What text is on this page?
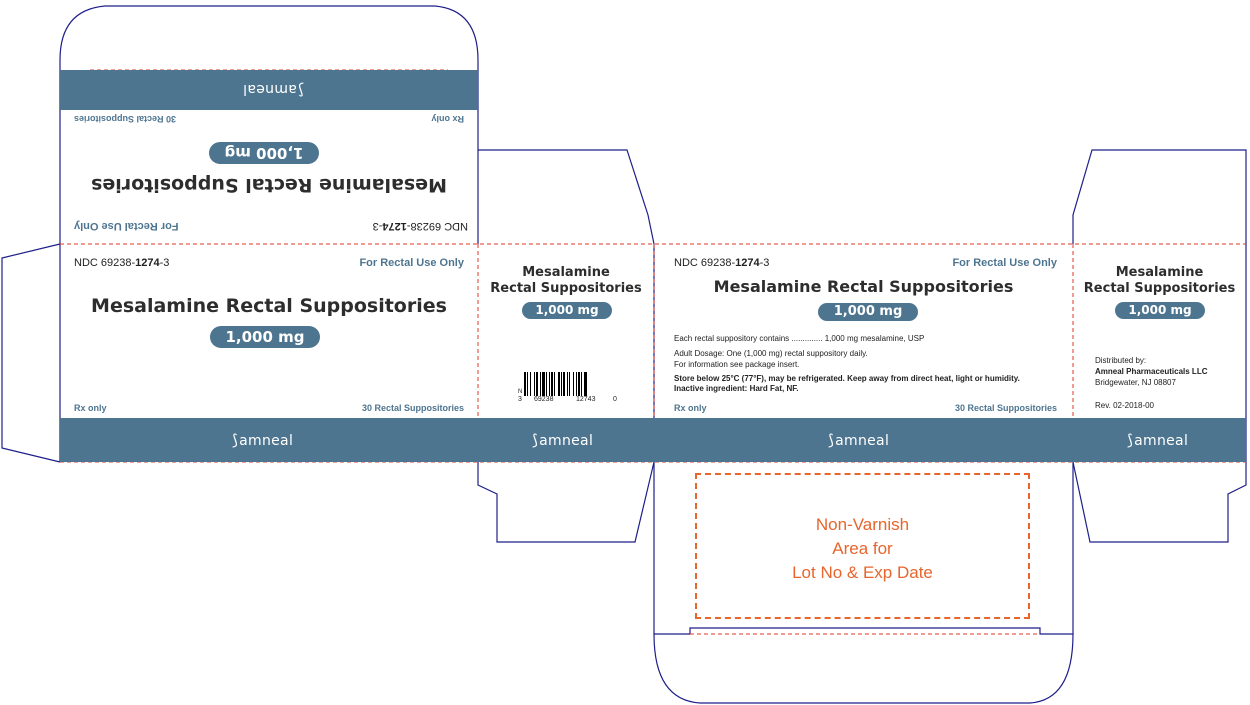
NDC 69238-1274-3
For Rectal Use Only
Mesalamine Rectal Suppositories
1,000 mg
Rx only
30 Rectal Suppositories
⟆amneal
NDC 69238-1274-3	For Rectal Use Only
Mesalamine Rectal Suppositories
1,000 mg
Rx only	30 Rectal Suppositories
⟆amneal
Mesalamine
Rectal Suppositories
1,000 mg
N
3 69238	12743	0
⟆amneal
NDC 69238-1274-3	For Rectal Use Only
Mesalamine Rectal Suppositories
1,000 mg
Each rectal suppository contains .............. 1,000 mg mesalamine, USP
Adult Dosage: One (1,000 mg) rectal suppository daily.
For information see package insert.
Store below 25°C (77°F), may be refrigerated. Keep away from direct heat, light or humidity.
Inactive ingredient: Hard Fat, NF.
Rx only	30 Rectal Suppositories
⟆amneal
Mesalamine
Rectal Suppositories
1,000 mg
Distributed by:
Amneal Pharmaceuticals LLC
Bridgewater, NJ 08807
Rev. 02-2018-00
⟆amneal
Non-Varnish
Area for
Lot No & Exp Date
